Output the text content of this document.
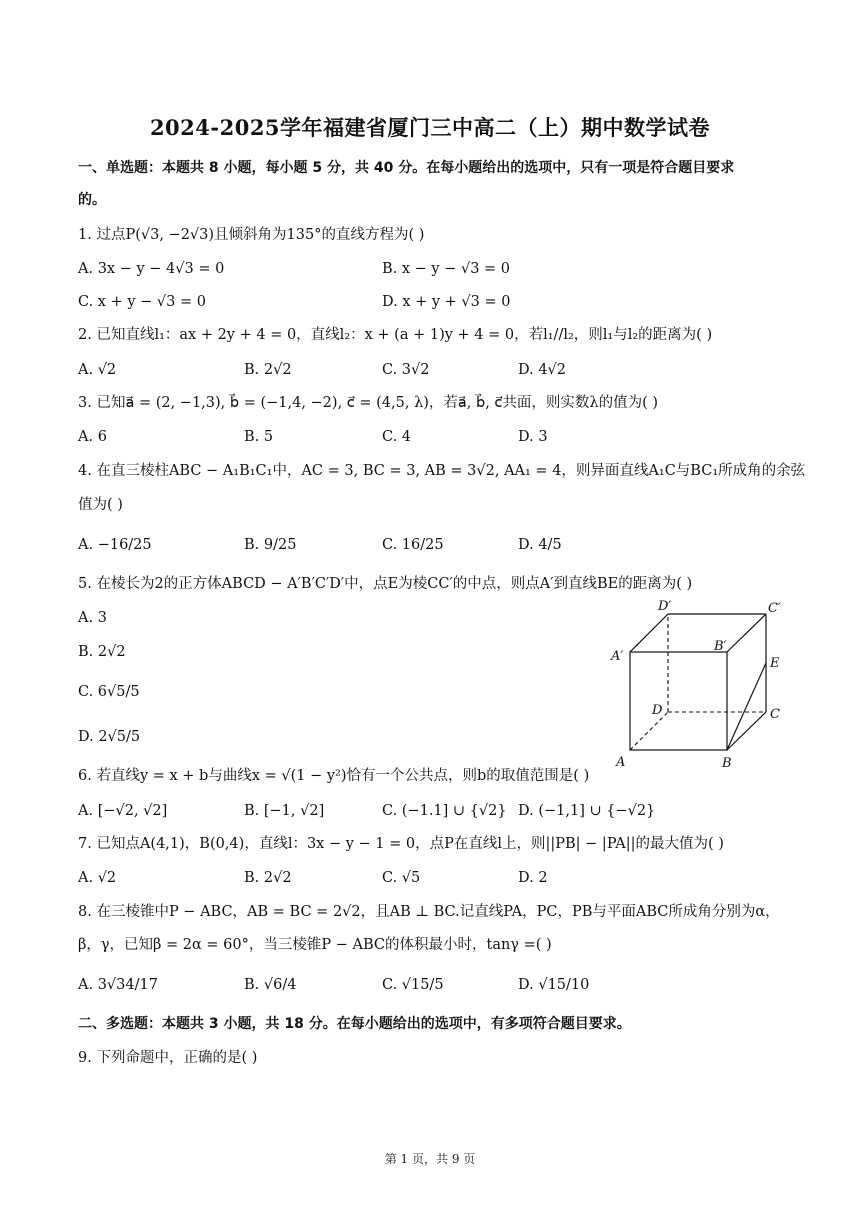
2024-2025学年福建省厦门三中高二（上）期中数学试卷
一、单选题：本题共 8 小题，每小题 5 分，共 40 分。在每小题给出的选项中，只有一项是符合题目要求
的。
1. 过点P(√3, −2√3)且倾斜角为135°的直线方程为( )
A. 3x − y − 4√3 = 0	B. x − y − √3 = 0
C. x + y − √3 = 0	D. x + y + √3 = 0
2. 已知直线l₁：ax + 2y + 4 = 0，直线l₂：x + (a + 1)y + 4 = 0，若l₁//l₂，则l₁与l₂的距离为( )
A. √2	B. 2√2	C. 3√2	D. 4√2
3. 已知a⃗ = (2, −1,3), b⃗ = (−1,4, −2), c⃗ = (4,5, λ)，若a⃗, b⃗, c⃗共面，则实数λ的值为( )
A. 6	B. 5	C. 4	D. 3
4. 在直三棱柱ABC − A₁B₁C₁中，AC = 3, BC = 3, AB = 3√2, AA₁ = 4，则异面直线A₁C与BC₁所成角的余弦
值为( )
A. −16/25	B. 9/25	C. 16/25	D. 4/5
5. 在棱长为2的正方体ABCD − A′B′C′D′中，点E为棱CC′的中点，则点A′到直线BE的距离为( )
A. 3
B. 2√2
C. 6√5/5
D. 2√5/5
D′	C′
A′
B′
E
D	C
A	B
6. 若直线y = x + b与曲线x = √(1 − y²)恰有一个公共点，则b的取值范围是( )
A. [−√2, √2]	B. [−1, √2]	C. (−1.1] ∪ {√2} D. (−1,1] ∪ {−√2}
7. 已知点A(4,1)，B(0,4)，直线l：3x − y − 1 = 0，点P在直线l上，则||PB| − |PA||的最大值为( )
A. √2	B. 2√2	C. √5	D. 2
8. 在三棱锥中P − ABC，AB = BC = 2√2，且AB ⊥ BC.记直线PA，PC，PB与平面ABC所成角分别为α，
β，γ，已知β = 2α = 60°，当三棱锥P − ABC的体积最小时，tanγ =( )
A. 3√34/17	B. √6/4	C. √15/5	D. √15/10
二、多选题：本题共 3 小题，共 18 分。在每小题给出的选项中，有多项符合题目要求。
9. 下列命题中，正确的是( )
第 1 页，共 9 页
